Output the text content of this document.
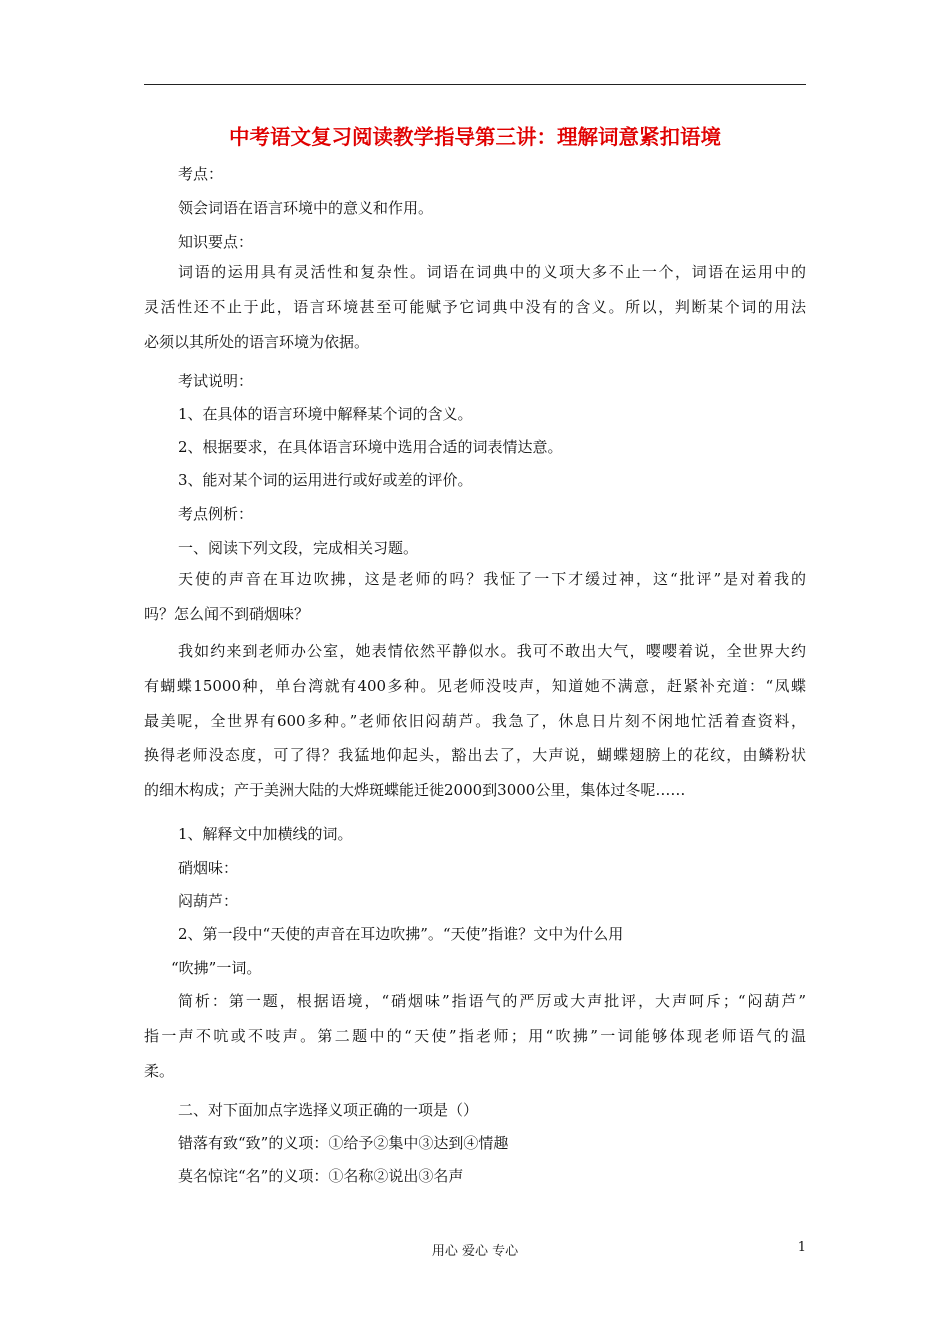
中考语文复习阅读教学指导第三讲：理解词意紧扣语境
考点：
领会词语在语言环境中的意义和作用。
知识要点：
词语的运用具有灵活性和复杂性。词语在词典中的义项大多不止一个，词语在运用中的
灵活性还不止于此，语言环境甚至可能赋予它词典中没有的含义。所以，判断某个词的用法
必须以其所处的语言环境为依据。
考试说明：
1、在具体的语言环境中解释某个词的含义。
2、根据要求，在具体语言环境中选用合适的词表情达意。
3、能对某个词的运用进行或好或差的评价。
考点例析：
一、阅读下列文段，完成相关习题。
天使的声音在耳边吹拂，这是老师的吗？我怔了一下才缓过神，这“批评”是对着我的
吗？怎么闻不到硝烟味？
我如约来到老师办公室，她表情依然平静似水。我可不敢出大气，嘤嘤着说，全世界大约
有蝴蝶15000种，单台湾就有400多种。见老师没吱声，知道她不满意，赶紧补充道：“凤蝶
最美呢，全世界有600多种。”老师依旧闷葫芦。我急了，休息日片刻不闲地忙活着查资料，
换得老师没态度，可了得？我猛地仰起头，豁出去了，大声说，蝴蝶翅膀上的花纹，由鳞粉状
的细木构成；产于美洲大陆的大烨斑蝶能迁徙2000到3000公里，集体过冬呢……
1、解释文中加横线的词。
硝烟味：
闷葫芦：
2、第一段中“天使的声音在耳边吹拂”。“天使”指谁？文中为什么用
“吹拂”一词。
简析：第一题，根据语境，“硝烟味”指语气的严厉或大声批评，大声呵斥；“闷葫芦”
指一声不吭或不吱声。第二题中的“天使”指老师；用“吹拂”一词能够体现老师语气的温
柔。
二、对下面加点字选择义项正确的一项是（）
错落有致“致”的义项：①给予②集中③达到④情趣
莫名惊诧“名”的义项：①名称②说出③名声
用心 爱心 专心	1
